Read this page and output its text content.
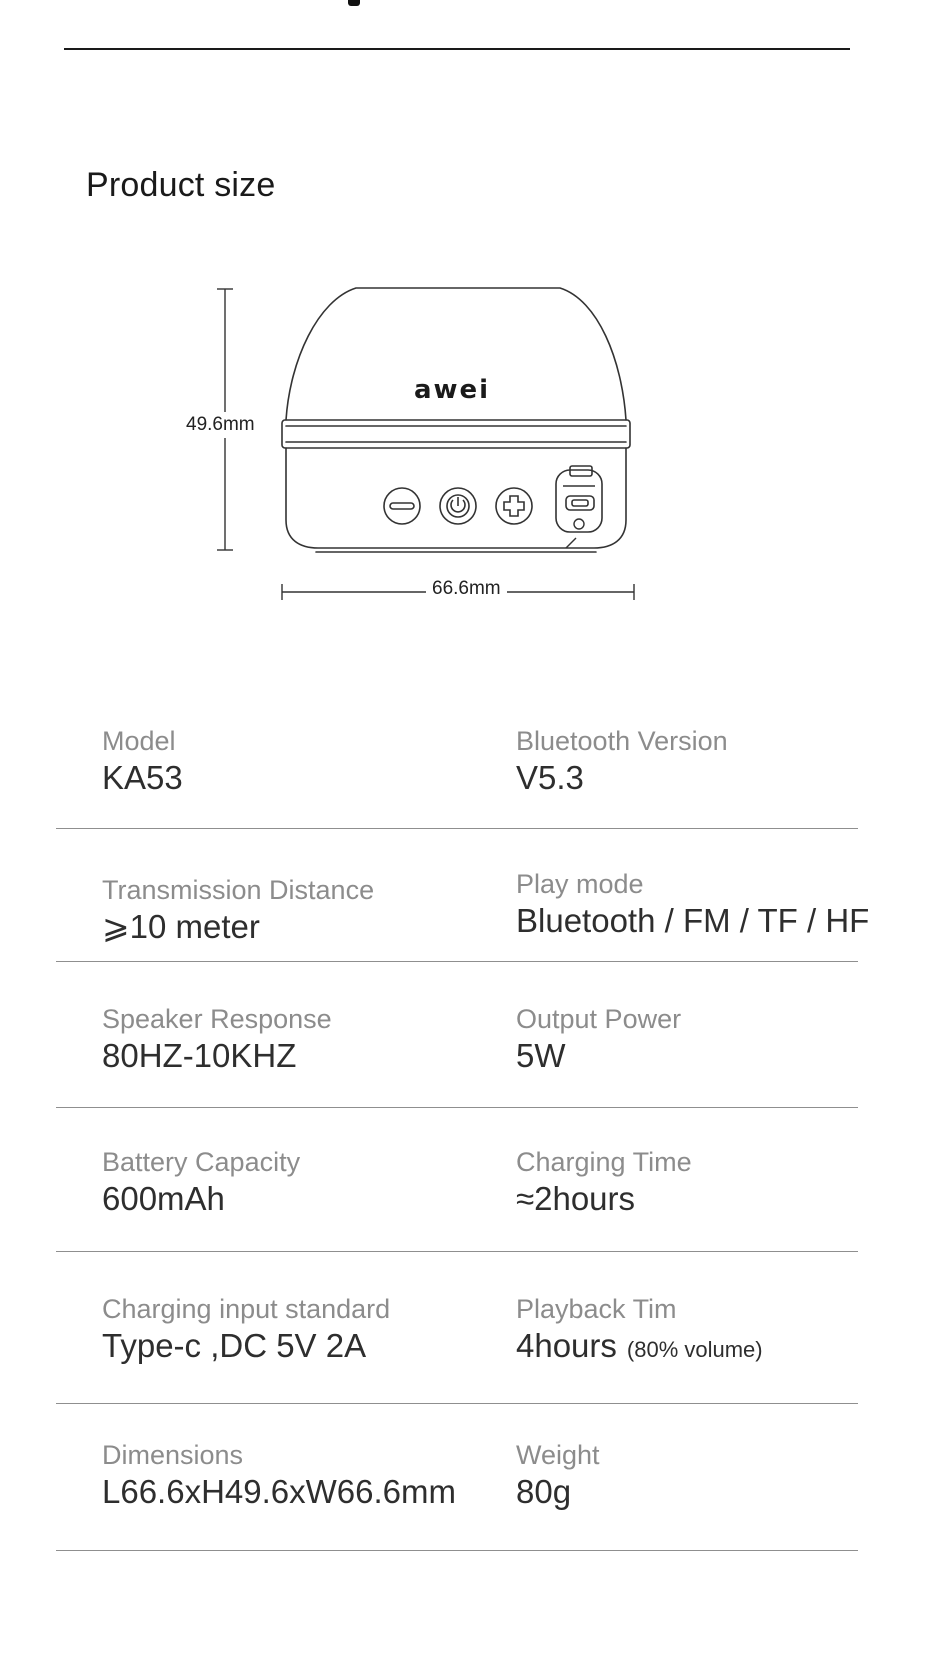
Product size
awei
49.6mm
66.6mm
Model
KA53
Bluetooth Version
V5.3
Transmission Distance
⩾10 meter
Play mode
Bluetooth / FM / TF / HF
Speaker Response
80HZ-10KHZ
Output Power
5W
Battery Capacity
600mAh
Charging Time
≈2hours
Charging input standard
Type-c ,DC 5V 2A
Playback Tim
4hours (80% volume)
Dimensions
L66.6xH49.6xW66.6mm
Weight
80g
